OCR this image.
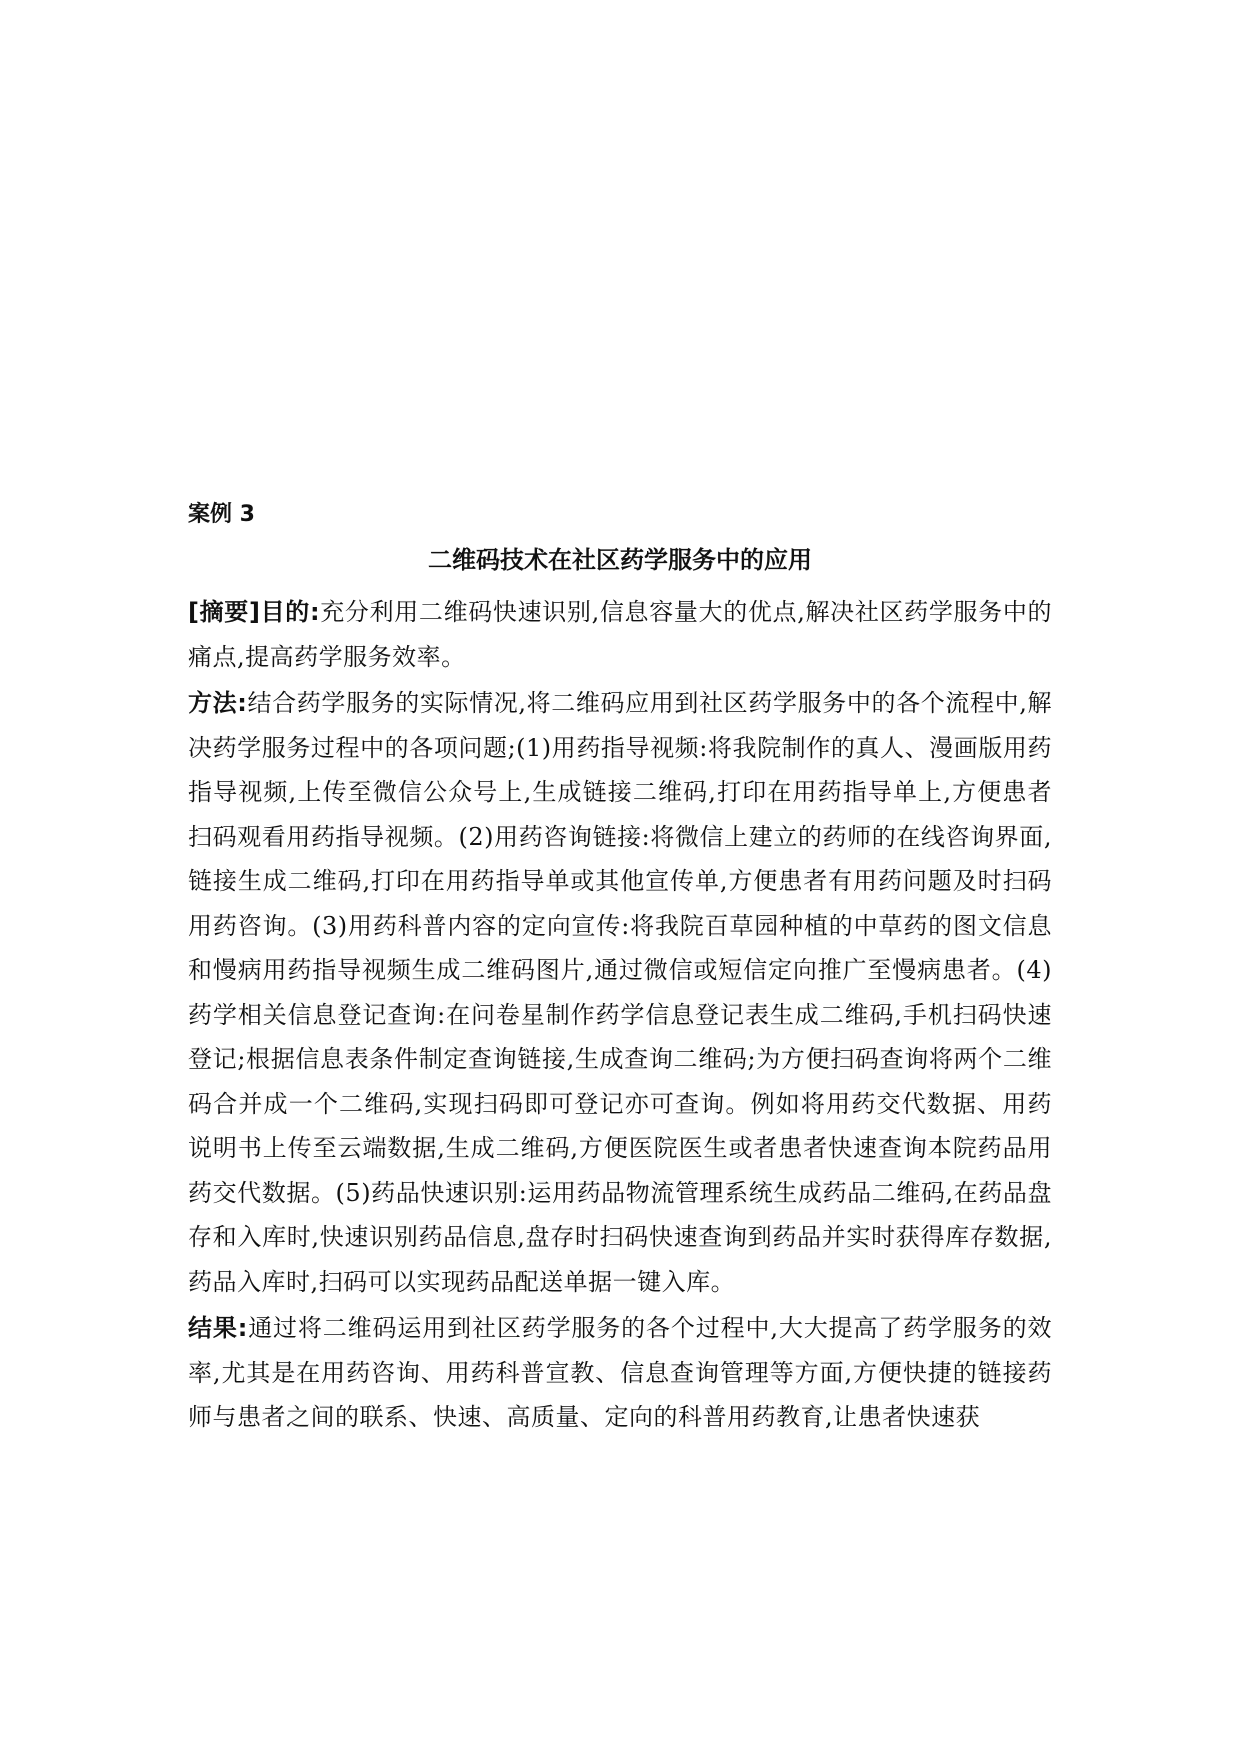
案例 3

二维码技术在社区药学服务中的应用

[摘要]目的:充分利用二维码快速识别,信息容量大的优点,解决社区药学服务中的痛点,提高药学服务效率。

方法:结合药学服务的实际情况,将二维码应用到社区药学服务中的各个流程中,解决药学服务过程中的各项问题;(1)用药指导视频:将我院制作的真人、漫画版用药指导视频,上传至微信公众号上,生成链接二维码,打印在用药指导单上,方便患者扫码观看用药指导视频。(2)用药咨询链接:将微信上建立的药师的在线咨询界面,链接生成二维码,打印在用药指导单或其他宣传单,方便患者有用药问题及时扫码用药咨询。(3)用药科普内容的定向宣传:将我院百草园种植的中草药的图文信息和慢病用药指导视频生成二维码图片,通过微信或短信定向推广至慢病患者。(4)药学相关信息登记查询:在问卷星制作药学信息登记表生成二维码,手机扫码快速登记;根据信息表条件制定查询链接,生成查询二维码;为方便扫码查询将两个二维码合并成一个二维码,实现扫码即可登记亦可查询。例如将用药交代数据、用药说明书上传至云端数据,生成二维码,方便医院医生或者患者快速查询本院药品用药交代数据。(5)药品快速识别:运用药品物流管理系统生成药品二维码,在药品盘存和入库时,快速识别药品信息,盘存时扫码快速查询到药品并实时获得库存数据,药品入库时,扫码可以实现药品配送单据一键入库。

结果:通过将二维码运用到社区药学服务的各个过程中,大大提高了药学服务的效率,尤其是在用药咨询、用药科普宣教、信息查询管理等方面,方便快捷的链接药师与患者之间的联系、快速、高质量、定向的科普用药教育,让患者快速获
